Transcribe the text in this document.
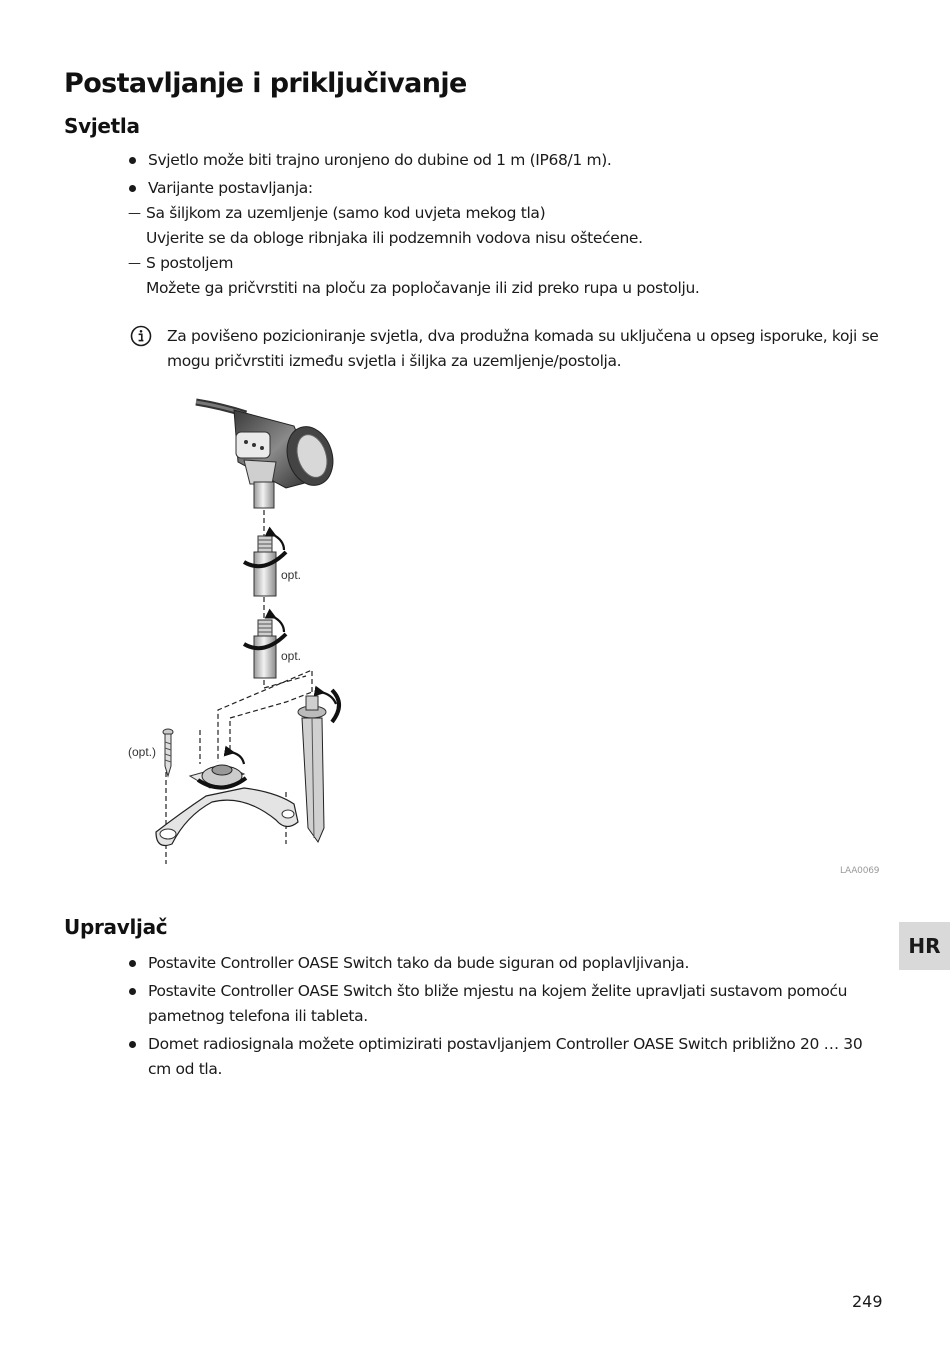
Postavljanje i priključivanje
Svjetla
Svjetlo može biti trajno uronjeno do dubine od 1 m (IP68/1 m).
Varijante postavljanja:
— Sa šiljkom za uzemljenje (samo kod uvjeta mekog tla)
Uvjerite se da obloge ribnjaka ili podzemnih vodova nisu oštećene.
— S postoljem
Možete ga pričvrstiti na ploču za popločavanje ili zid preko rupa u postolju.
Za povišeno pozicioniranje svjetla, dva produžna komada su uključena u opseg isporuke, koji se mogu pričvrstiti između svjetla i šiljka za uzemljenje/postolja.
opt.
opt.
(opt.)
LAA0069
Upravljač
Postavite Controller OASE Switch tako da bude siguran od poplavljivanja.
Postavite Controller OASE Switch što bliže mjestu na kojem želite upravljati sustavom pomoću pametnog telefona ili tableta.
Domet radiosignala možete optimizirati postavljanjem Controller OASE Switch približno 20 … 30 cm od tla.
HR
249
